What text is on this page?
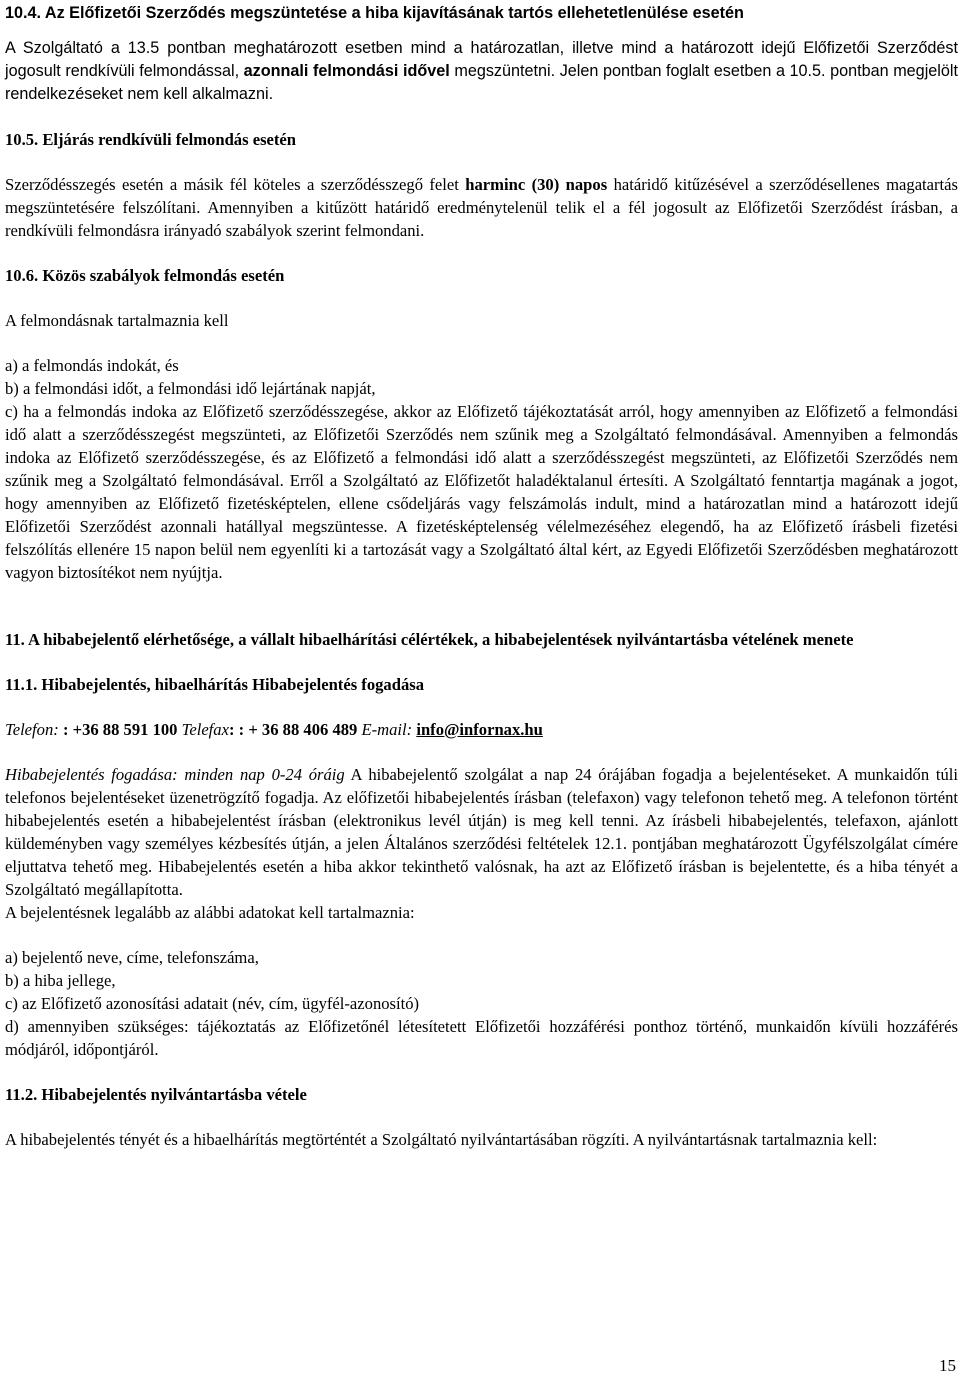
10.4. Az Előfizetői Szerződés megszüntetése a hiba kijavításának tartós ellehetetlenülése esetén

A Szolgáltató a 13.5 pontban meghatározott esetben mind a határozatlan, illetve mind a határozott idejű Előfizetői Szerződést jogosult rendkívüli felmondással, azonnali felmondási idővel megszüntetni. Jelen pontban foglalt esetben a 10.5. pontban megjelölt rendelkezéseket nem kell alkalmazni.

10.5. Eljárás rendkívüli felmondás esetén

Szerződésszegés esetén a másik fél köteles a szerződésszegő felet harminc (30) napos határidő kitűzésével a szerződésellenes magatartás megszüntetésére felszólítani. Amennyiben a kitűzött határidő eredménytelenül telik el a fél jogosult az Előfizetői Szerződést írásban, a rendkívüli felmondásra irányadó szabályok szerint felmondani.

10.6. Közös szabályok felmondás esetén

A felmondásnak tartalmaznia kell

a) a felmondás indokát, és

b) a felmondási időt, a felmondási idő lejártának napját,

c) ha a felmondás indoka az Előfizető szerződésszegése, akkor az Előfizető tájékoztatását arról, hogy amennyiben az Előfizető a felmondási idő alatt a szerződésszegést megszünteti, az Előfizetői Szerződés nem szűnik meg a Szolgáltató felmondásával. Amennyiben a felmondás indoka az Előfizető szerződésszegése, és az Előfizető a felmondási idő alatt a szerződésszegést megszünteti, az Előfizetői Szerződés nem szűnik meg a Szolgáltató felmondásával. Erről a Szolgáltató az Előfizetőt haladéktalanul értesíti. A Szolgáltató fenntartja magának a jogot, hogy amennyiben az Előfizető fizetésképtelen, ellene csődeljárás vagy felszámolás indult, mind a határozatlan mind a határozott idejű Előfizetői Szerződést azonnali hatállyal megszüntesse. A fizetésképtelenség vélelmezéséhez elegendő, ha az Előfizető írásbeli fizetési felszólítás ellenére 15 napon belül nem egyenlíti ki a tartozását vagy a Szolgáltató által kért, az Egyedi Előfizetői Szerződésben meghatározott vagyon biztosítékot nem nyújtja.

11. A hibabejelentő elérhetősége, a vállalt hibaelhárítási célértékek, a hibabejelentések nyilvántartásba vételének menete

11.1. Hibabejelentés, hibaelhárítás Hibabejelentés fogadása

Telefon: : +36 88 591 100 Telefax: : + 36 88 406 489 E-mail: info@infornax.hu

Hibabejelentés fogadása: minden nap 0-24 óráig A hibabejelentő szolgálat a nap 24 órájában fogadja a bejelentéseket. A munkaidőn túli telefonos bejelentéseket üzenetrögzítő fogadja. Az előfizetői hibabejelentés írásban (telefaxon) vagy telefonon tehető meg. A telefonon történt hibabejelentés esetén a hibabejelentést írásban (elektronikus levél útján) is meg kell tenni. Az írásbeli hibabejelentés, telefaxon, ajánlott küldeményben vagy személyes kézbesítés útján, a jelen Általános szerződési feltételek 12.1. pontjában meghatározott Ügyfélszolgálat címére eljuttatva tehető meg. Hibabejelentés esetén a hiba akkor tekinthető valósnak, ha azt az Előfizető írásban is bejelentette, és a hiba tényét a Szolgáltató megállapította.

A bejelentésnek legalább az alábbi adatokat kell tartalmaznia:

a) bejelentő neve, címe, telefonszáma,

b) a hiba jellege,

c) az Előfizető azonosítási adatait (név, cím, ügyfél-azonosító)

d) amennyiben szükséges: tájékoztatás az Előfizetőnél létesítetett Előfizetői hozzáférési ponthoz történő, munkaidőn kívüli hozzáférés módjáról, időpontjáról.

11.2. Hibabejelentés nyilvántartásba vétele

A hibabejelentés tényét és a hibaelhárítás megtörténtét a Szolgáltató nyilvántartásában rögzíti. A nyilvántartásnak tartalmaznia kell:

15
